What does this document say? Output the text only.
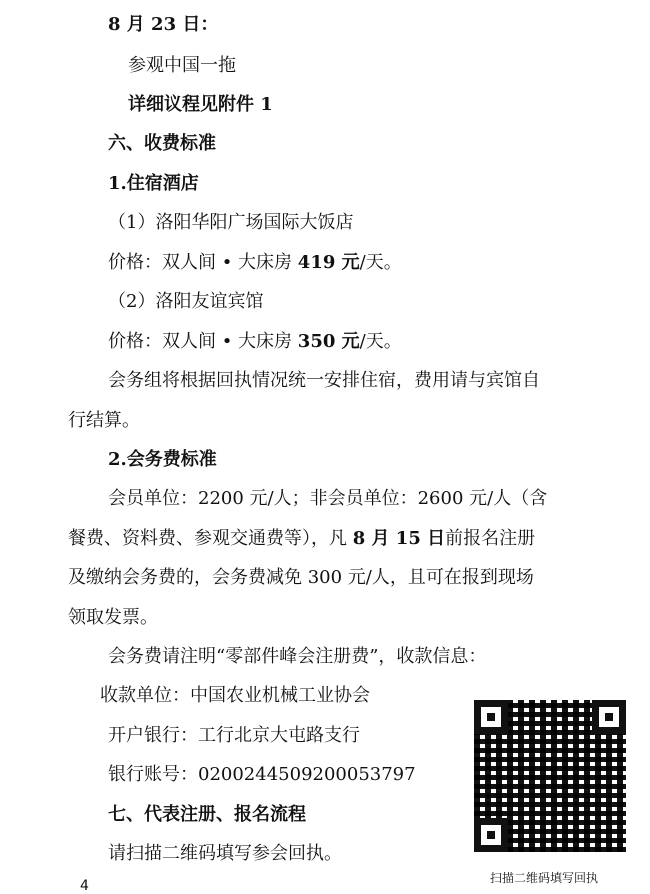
8 月 23 日：
参观中国一拖
详细议程见附件 1
六、收费标准
1.住宿酒店
（1）洛阳华阳广场国际大饭店
价格：双人间 • 大床房 419 元/天。
（2）洛阳友谊宾馆
价格：双人间 • 大床房 350 元/天。
会务组将根据回执情况统一安排住宿，费用请与宾馆自
行结算。
2.会务费标准
会员单位：2200 元/人；非会员单位：2600 元/人（含
餐费、资料费、参观交通费等），凡 8 月 15 日前报名注册
及缴纳会务费的，会务费减免 300 元/人，且可在报到现场
领取发票。
会务费请注明“零部件峰会注册费”，收款信息：
收款单位：中国农业机械工业协会
开户银行：工行北京大屯路支行
银行账号：0200244509200053797
七、代表注册、报名流程
请扫描二维码填写参会回执。
扫描二维码填写回执
4
